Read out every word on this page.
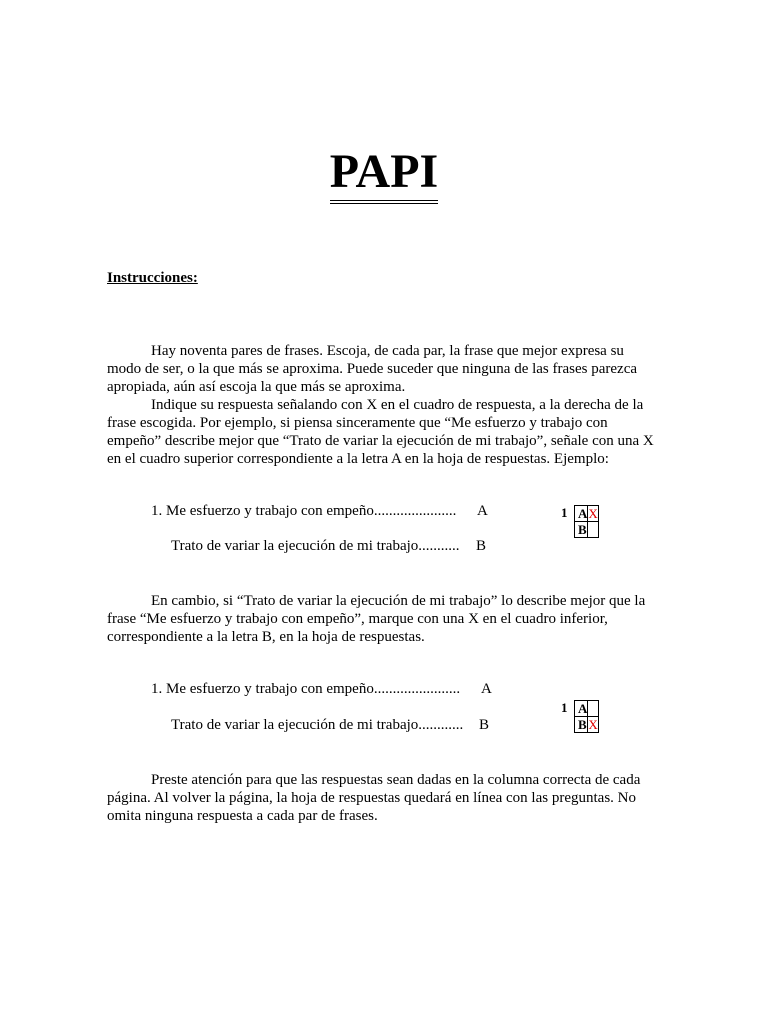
PAPI
Instrucciones:
Hay noventa pares de frases. Escoja, de cada par, la frase que mejor expresa su
modo de ser, o la que más se aproxima. Puede suceder que ninguna de las frases parezca
apropiada, aún así escoja la que más se aproxima.
Indique su respuesta señalando con X en el cuadro de respuesta, a la derecha de la
frase escogida. Por ejemplo, si piensa sinceramente que “Me esfuerzo y trabajo con
empeño” describe mejor que “Trato de variar la ejecución de mi trabajo”, señale con una X
en el cuadro superior correspondiente a la letra A en la hoja de respuestas. Ejemplo:
1. Me esfuerzo y trabajo con empeño...................... A
Trato de variar la ejecución de mi trabajo........... B
1 A	X
B	
En cambio, si “Trato de variar la ejecución de mi trabajo” lo describe mejor que la
frase “Me esfuerzo y trabajo con empeño”, marque con una X en el cuadro inferior,
correspondiente a la letra B, en la hoja de respuestas.
1. Me esfuerzo y trabajo con empeño....................... A
Trato de variar la ejecución de mi trabajo............ B
1 A	
B	X
Preste atención para que las respuestas sean dadas en la columna correcta de cada
página. Al volver la página, la hoja de respuestas quedará en línea con las preguntas. No
omita ninguna respuesta a cada par de frases.
